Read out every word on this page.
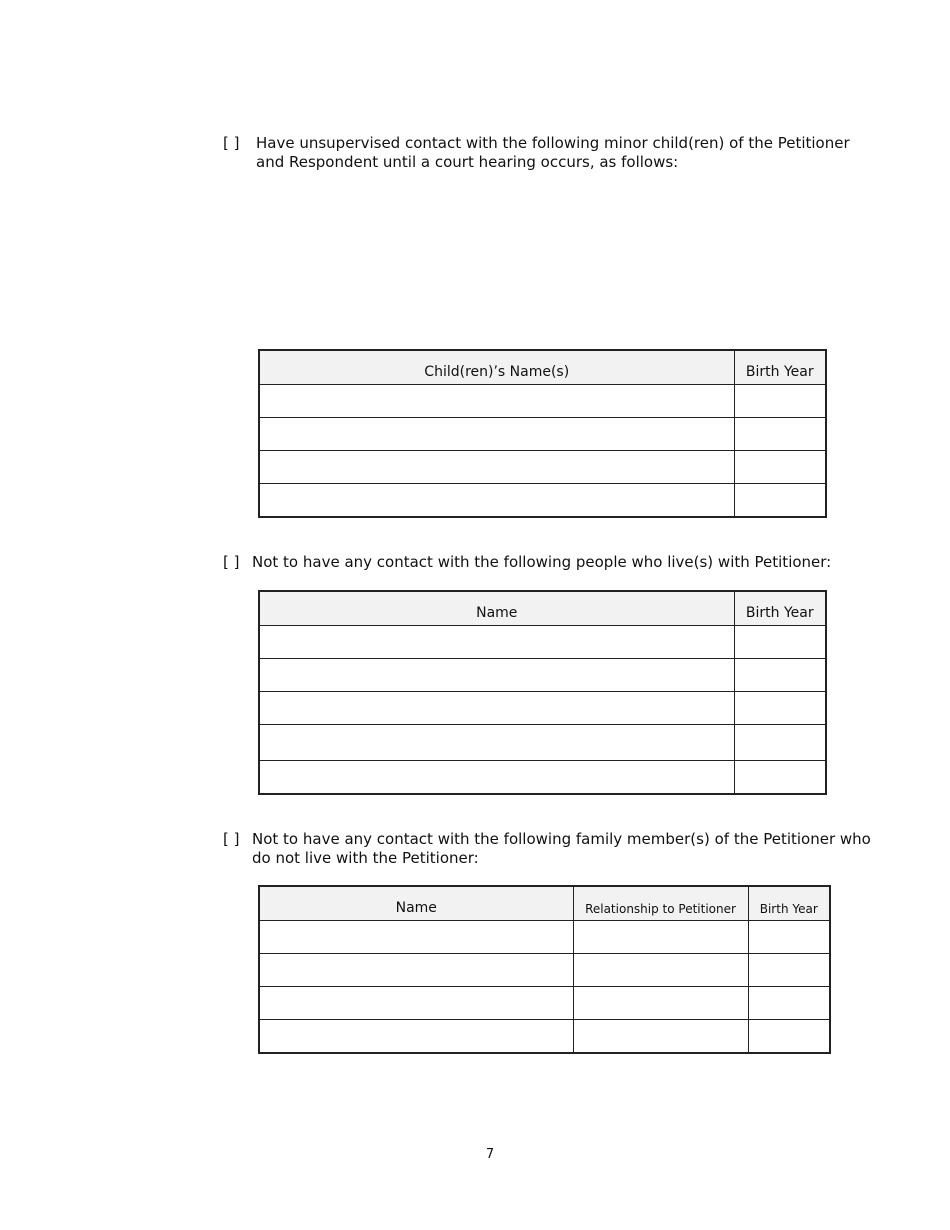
[ ] Have unsupervised contact with the following minor child(ren) of the Petitioner
and Respondent until a court hearing occurs, as follows:
Child(ren)’s Name(s)	Birth Year

[ ] Not to have any contact with the following people who live(s) with Petitioner:
Name	Birth Year

[ ] Not to have any contact with the following family member(s) of the Petitioner who
do not live with the Petitioner:
Name	Relationship to Petitioner	Birth Year

7
